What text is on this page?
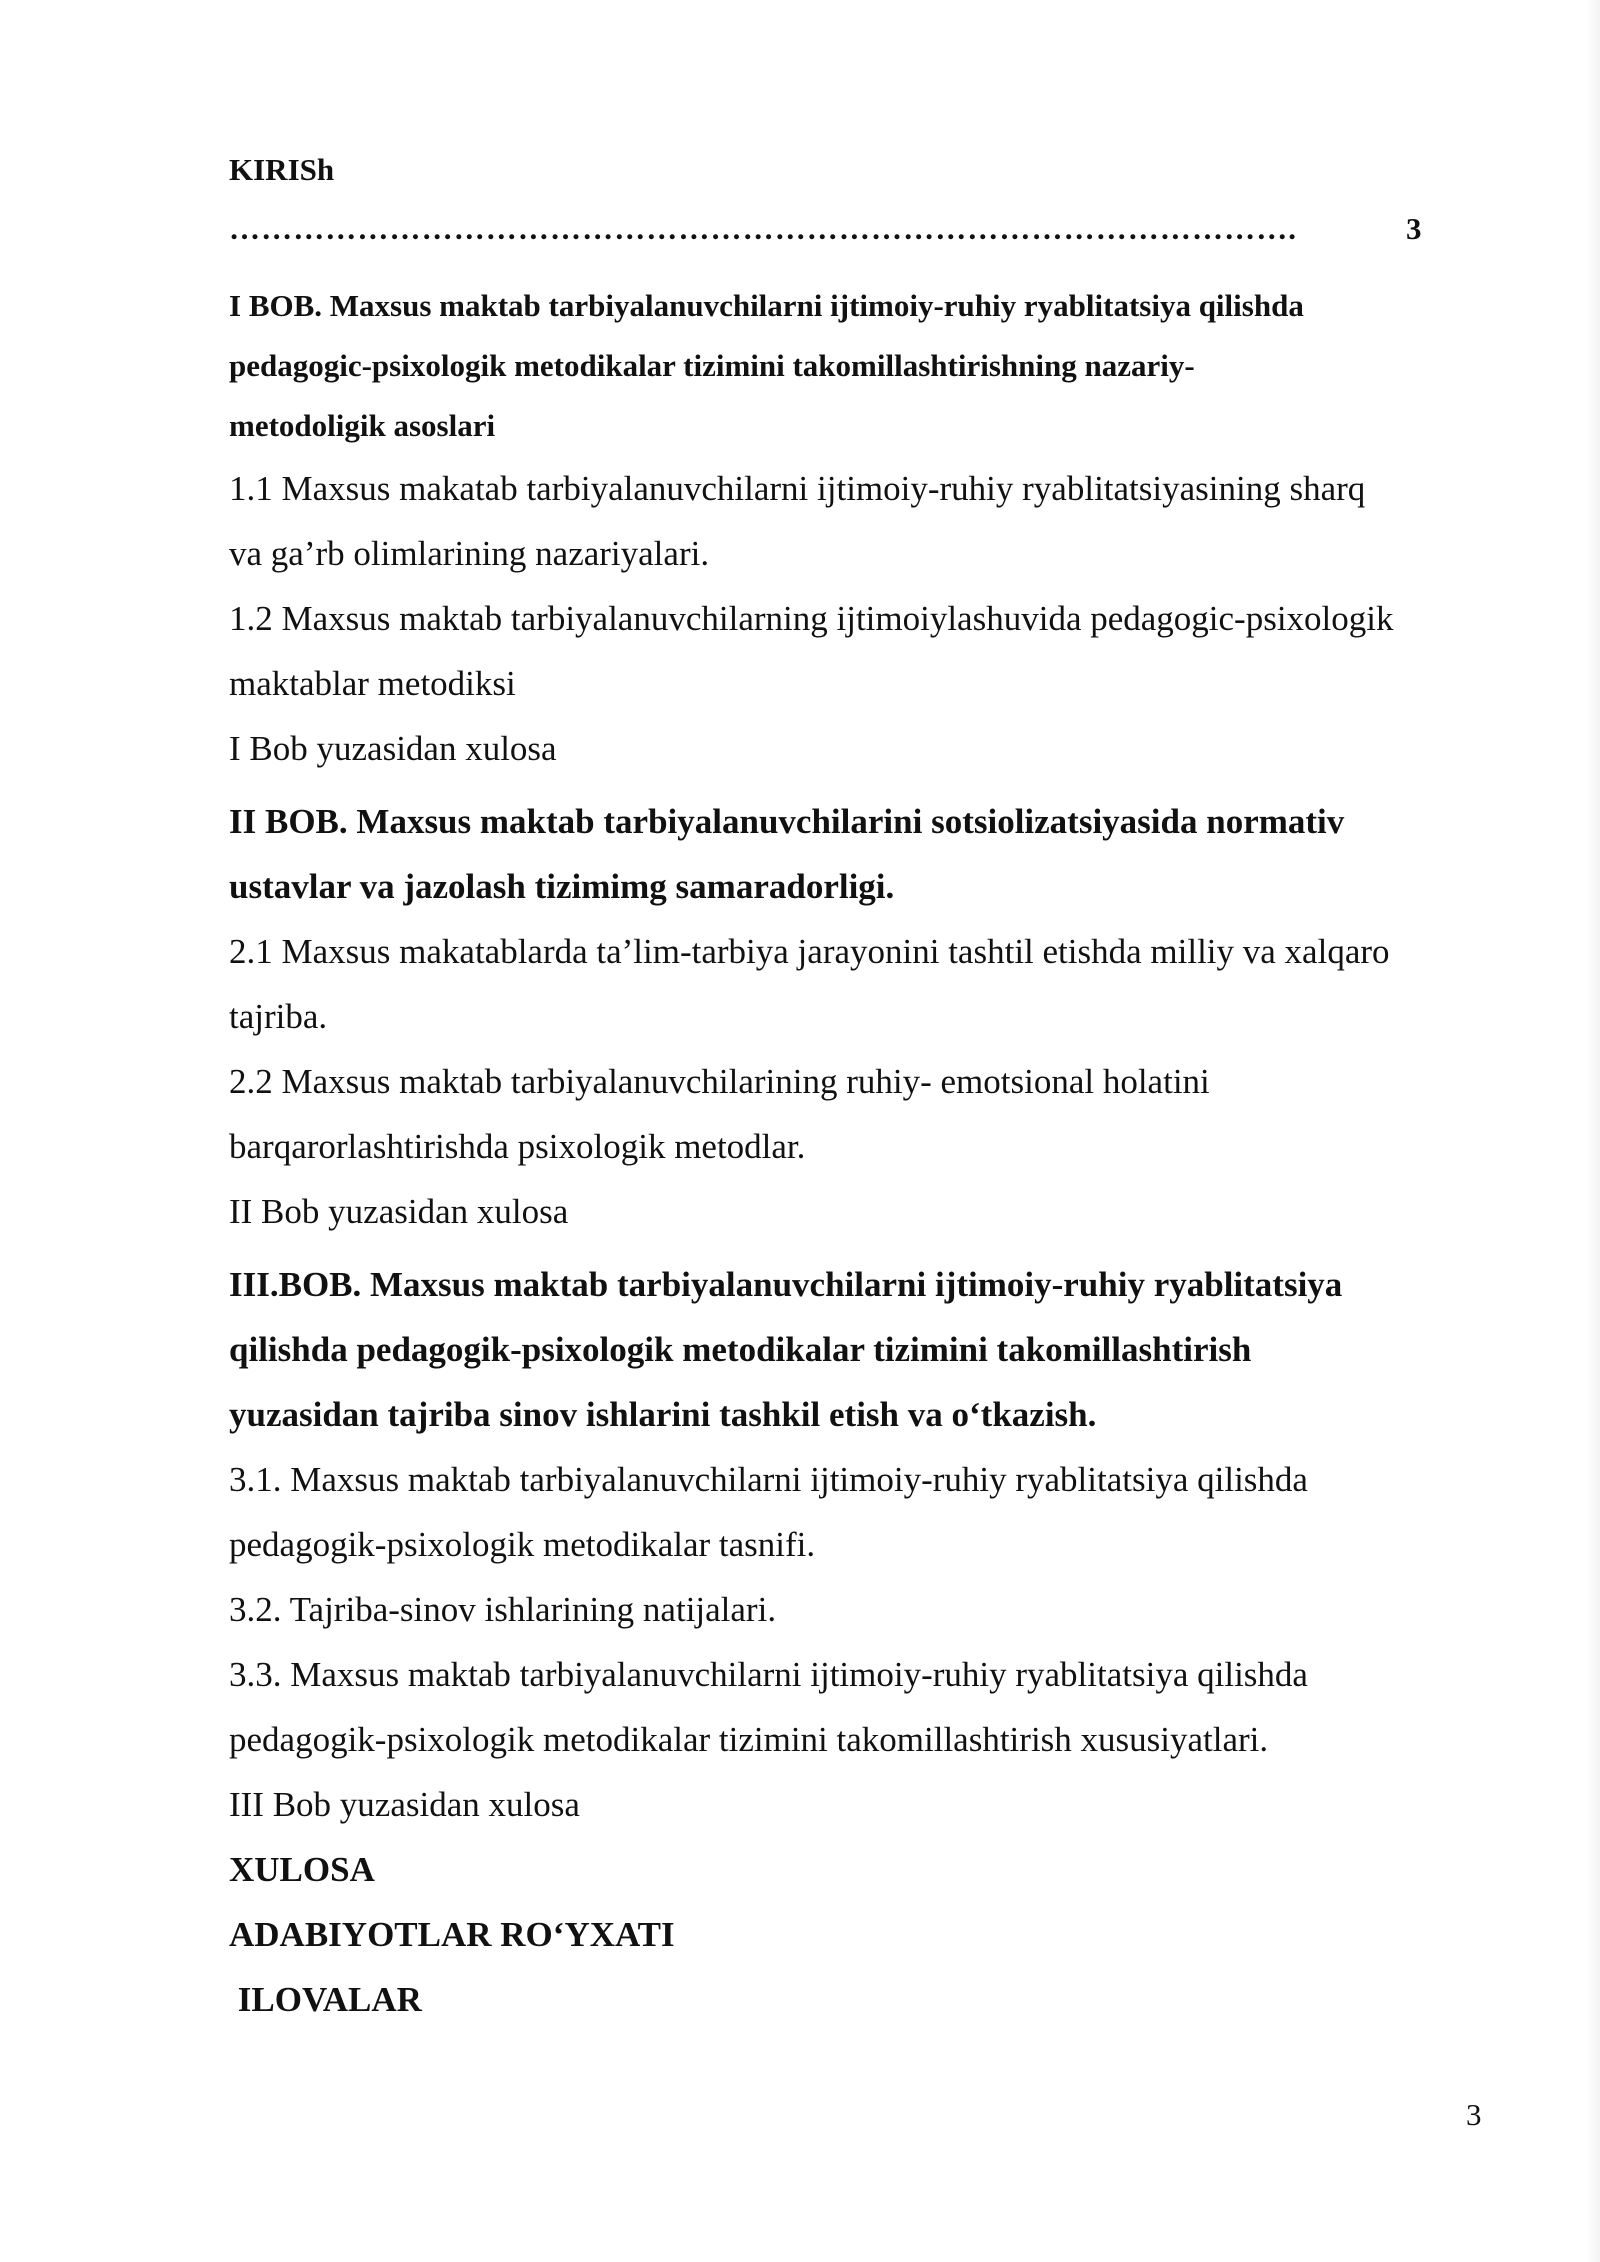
KIRISh
……………………………………………………………………………………….	3
I BOB. Maxsus maktab tarbiyalanuvchilarni ijtimoiy-ruhiy ryablitatsiya qilishda
pedagogic-psixologik metodikalar tizimini takomillashtirishning nazariy-
metodoligik asoslari
1.1 Maxsus makatab tarbiyalanuvchilarni ijtimoiy-ruhiy ryablitatsiyasining sharq
va ga’rb olimlarining nazariyalari.
1.2 Maxsus maktab tarbiyalanuvchilarning ijtimoiylashuvida pedagogic-psixologik
maktablar metodiksi
I Bob yuzasidan xulosa
II BOB. Maxsus maktab tarbiyalanuvchilarini sotsiolizatsiyasida normativ
ustavlar va jazolash tizimimg samaradorligi.
2.1 Maxsus makatablarda ta’lim-tarbiya jarayonini tashtil etishda milliy va xalqaro
tajriba.
2.2 Maxsus maktab tarbiyalanuvchilarining ruhiy- emotsional holatini
barqarorlashtirishda psixologik metodlar.
II Bob yuzasidan xulosa
III.BOB. Maxsus maktab tarbiyalanuvchilarni ijtimoiy-ruhiy ryablitatsiya
qilishda pedagogik-psixologik metodikalar tizimini takomillashtirish
yuzasidan tajriba sinov ishlarini tashkil etish va o‘tkazish.
3.1. Maxsus maktab tarbiyalanuvchilarni ijtimoiy-ruhiy ryablitatsiya qilishda
pedagogik-psixologik metodikalar tasnifi.
3.2. Tajriba-sinov ishlarining natijalari.
3.3. Maxsus maktab tarbiyalanuvchilarni ijtimoiy-ruhiy ryablitatsiya qilishda
pedagogik-psixologik metodikalar tizimini takomillashtirish xususiyatlari.
III Bob yuzasidan xulosa
XULOSA
ADABIYOTLAR RO‘YXATI
ILOVALAR
3
